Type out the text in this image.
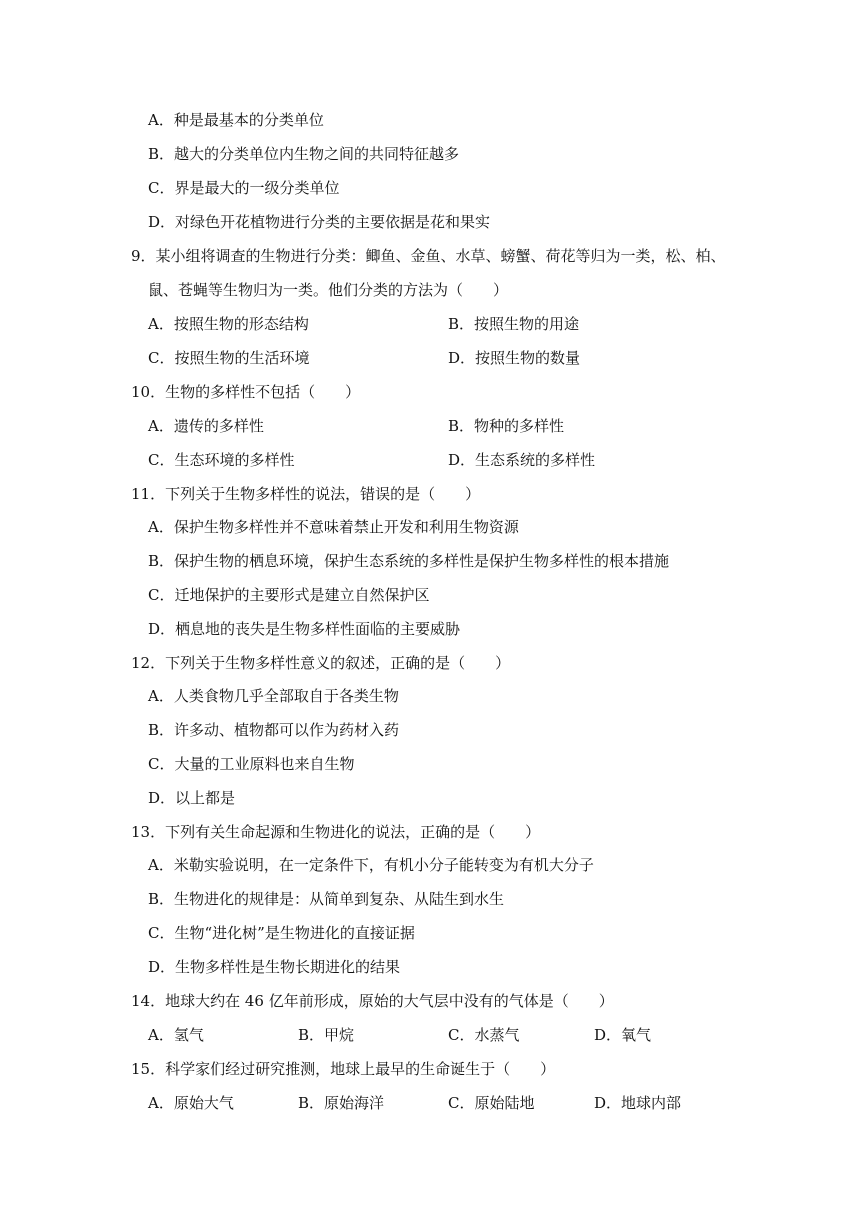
A．种是最基本的分类单位
B．越大的分类单位内生物之间的共同特征越多
C．界是最大的一级分类单位
D．对绿色开花植物进行分类的主要依据是花和果实
9．某小组将调查的生物进行分类：鲫鱼、金鱼、水草、螃蟹、荷花等归为一类，松、柏、
鼠、苍蝇等生物归为一类。他们分类的方法为（　　）
A．按照生物的形态结构	B．按照生物的用途
C．按照生物的生活环境	D．按照生物的数量
10．生物的多样性不包括（　　）
A．遗传的多样性	B．物种的多样性
C．生态环境的多样性	D．生态系统的多样性
11．下列关于生物多样性的说法，错误的是（　　）
A．保护生物多样性并不意味着禁止开发和利用生物资源
B．保护生物的栖息环境，保护生态系统的多样性是保护生物多样性的根本措施
C．迁地保护的主要形式是建立自然保护区
D．栖息地的丧失是生物多样性面临的主要威胁
12．下列关于生物多样性意义的叙述，正确的是（　　）
A．人类食物几乎全部取自于各类生物
B．许多动、植物都可以作为药材入药
C．大量的工业原料也来自生物
D．以上都是
13．下列有关生命起源和生物进化的说法，正确的是（　　）
A．米勒实验说明，在一定条件下，有机小分子能转变为有机大分子
B．生物进化的规律是：从简单到复杂、从陆生到水生
C．生物“进化树”是生物进化的直接证据
D．生物多样性是生物长期进化的结果
14．地球大约在 46 亿年前形成，原始的大气层中没有的气体是（　　）
A．氢气	B．甲烷	C．水蒸气	D．氧气
15．科学家们经过研究推测，地球上最早的生命诞生于（　　）
A．原始大气	B．原始海洋	C．原始陆地	D．地球内部
